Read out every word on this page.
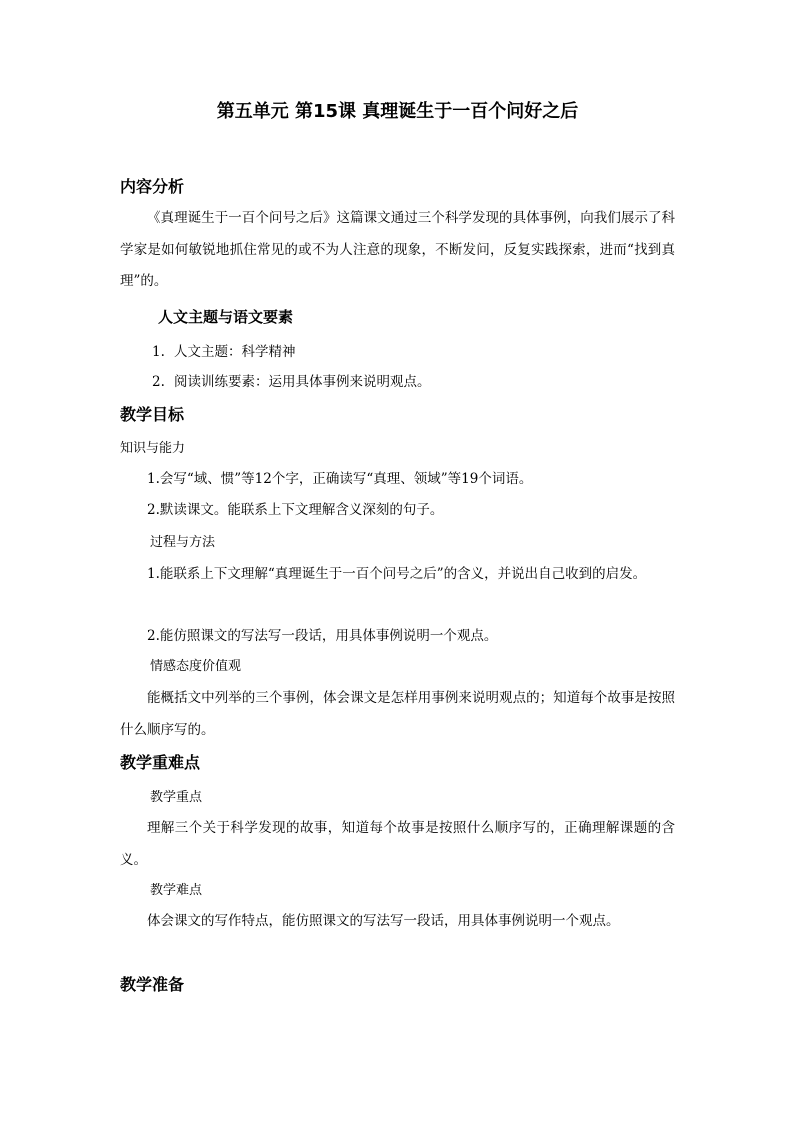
第五单元 第15课 真理诞生于一百个问好之后
内容分析
《真理诞生于一百个问号之后》这篇课文通过三个科学发现的具体事例，向我们展示了科学家是如何敏锐地抓住常见的或不为人注意的现象，不断发问，反复实践探索，进而“找到真理”的。
人文主题与语文要素
1. 人文主题：科学精神
2. 阅读训练要素：运用具体事例来说明观点。
教学目标
知识与能力
1.会写“域、惯”等12个字，正确读写“真理、领域”等19个词语。
2.默读课文。能联系上下文理解含义深刻的句子。
过程与方法
1.能联系上下文理解“真理诞生于一百个问号之后”的含义，并说出自己收到的启发。
2.能仿照课文的写法写一段话，用具体事例说明一个观点。
情感态度价值观
能概括文中列举的三个事例，体会课文是怎样用事例来说明观点的；知道每个故事是按照什么顺序写的。
教学重难点
教学重点
理解三个关于科学发现的故事，知道每个故事是按照什么顺序写的，正确理解课题的含义。
教学难点
体会课文的写作特点，能仿照课文的写法写一段话，用具体事例说明一个观点。
教学准备
